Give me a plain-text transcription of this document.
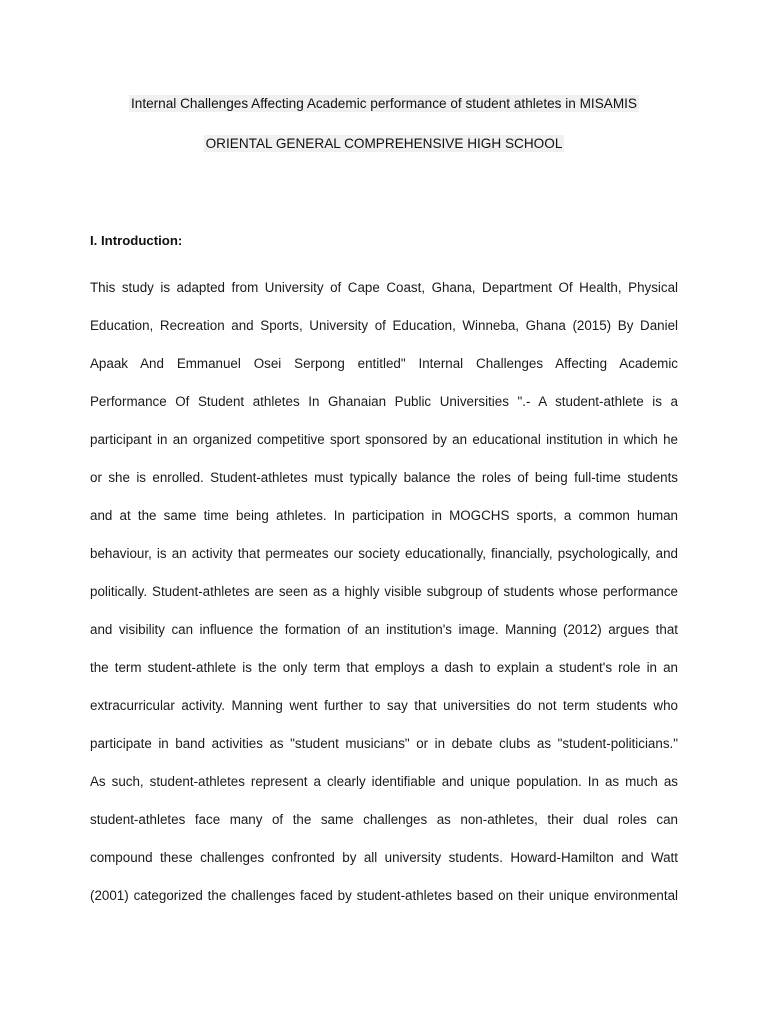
Internal Challenges Affecting Academic performance of student athletes in MISAMIS
ORIENTAL GENERAL COMPREHENSIVE HIGH SCHOOL
I. Introduction:
This study is adapted from University of Cape Coast, Ghana, Department Of Health, Physical
Education, Recreation and Sports, University of Education, Winneba, Ghana (2015) By Daniel
Apaak And Emmanuel Osei Serpong entitled" Internal Challenges Affecting Academic
Performance Of Student athletes In Ghanaian Public Universities ".- A student-athlete is a
participant in an organized competitive sport sponsored by an educational institution in which he
or she is enrolled. Student-athletes must typically balance the roles of being full-time students
and at the same time being athletes. In participation in MOGCHS sports, a common human
behaviour, is an activity that permeates our society educationally, financially, psychologically, and
politically. Student-athletes are seen as a highly visible subgroup of students whose performance
and visibility can influence the formation of an institution's image. Manning (2012) argues that
the term student-athlete is the only term that employs a dash to explain a student's role in an
extracurricular activity. Manning went further to say that universities do not term students who
participate in band activities as "student musicians" or in debate clubs as "student-politicians."
As such, student-athletes represent a clearly identifiable and unique population. In as much as
student-athletes face many of the same challenges as non-athletes, their dual roles can
compound these challenges confronted by all university students. Howard-Hamilton and Watt
(2001) categorized the challenges faced by student-athletes based on their unique environmental
